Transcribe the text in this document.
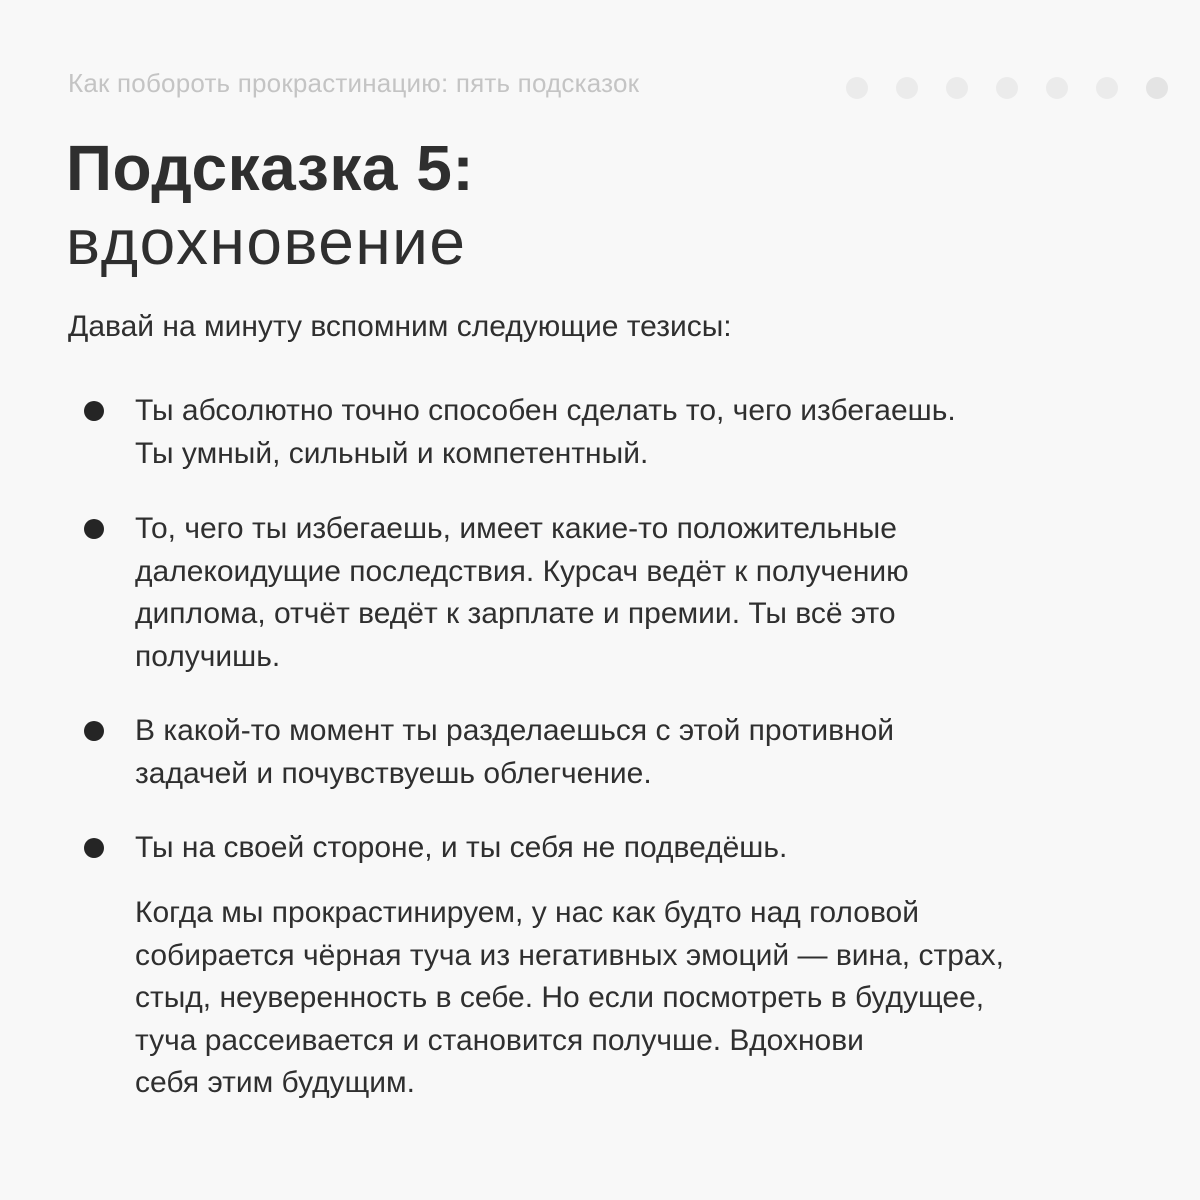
Как побороть прокрастинацию: пять подсказок
Подсказка 5:
вдохновение
Давай на минуту вспомним следующие тезисы:
Ты абсолютно точно способен сделать то, чего избегаешь.
Ты умный, сильный и компетентный.
То, чего ты избегаешь, имеет какие-то положительные
далекоидущие последствия. Курсач ведёт к получению
диплома, отчёт ведёт к зарплате и премии. Ты всё это
получишь.
В какой-то момент ты разделаешься с этой противной
задачей и почувствуешь облегчение.
Ты на своей стороне, и ты себя не подведёшь.
Когда мы прокрастинируем, у нас как будто над головой
собирается чёрная туча из негативных эмоций — вина, страх,
стыд, неуверенность в себе. Но если посмотреть в будущее,
туча рассеивается и становится получше. Вдохнови
себя этим будущим.
